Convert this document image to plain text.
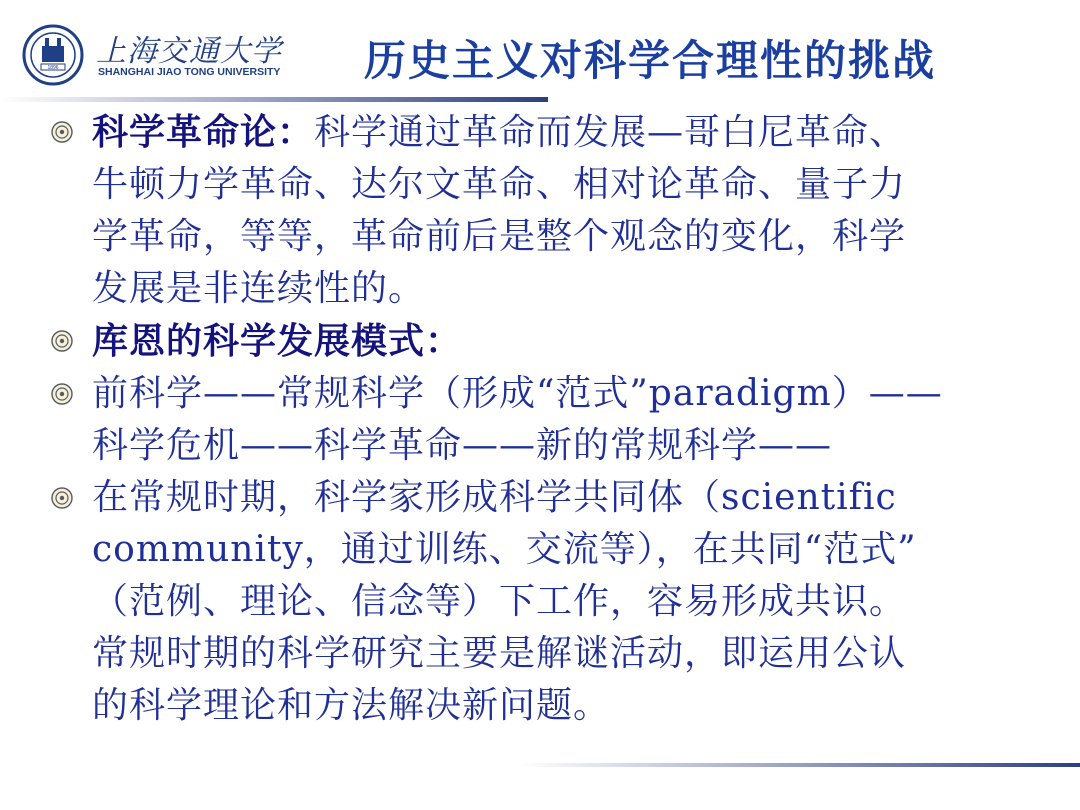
1896 上海交通大学
SHANGHAI JIAO TONG UNIVERSITY	历史主义对科学合理性的挑战
科学革命论：科学通过革命而发展—哥白尼革命、
牛顿力学革命、达尔文革命、相对论革命、量子力
学革命，等等，革命前后是整个观念的变化，科学
发展是非连续性的。
库恩的科学发展模式：
前科学——常规科学（形成“范式”paradigm）——
科学危机——科学革命——新的常规科学——
在常规时期，科学家形成科学共同体（scientific
community，通过训练、交流等），在共同“范式”
（范例、理论、信念等）下工作，容易形成共识。
常规时期的科学研究主要是解谜活动，即运用公认
的科学理论和方法解决新问题。
